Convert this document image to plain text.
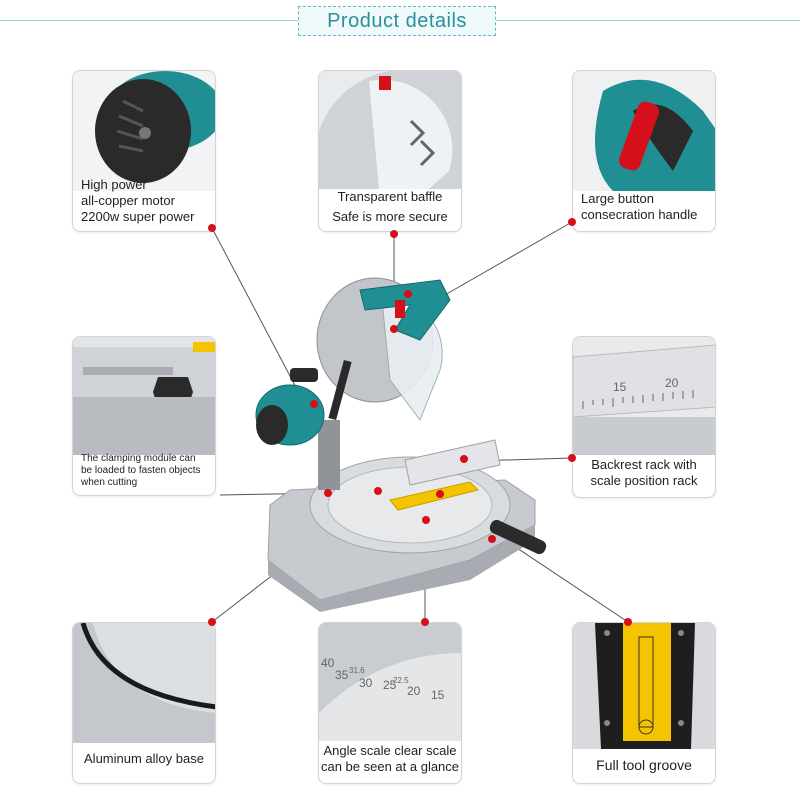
Product details
High power
all-copper motor
2200w super power
Transparent baffle
Safe is more secure
Large button
consecration handle
The clamping module can
be loaded to fasten objects
when cutting
15	20
Backrest rack with
scale position rack
Aluminum alloy base
40
35 31.6
30 25
22.5
20 15
Angle scale clear scale
can be seen at a glance	Full tool groove
